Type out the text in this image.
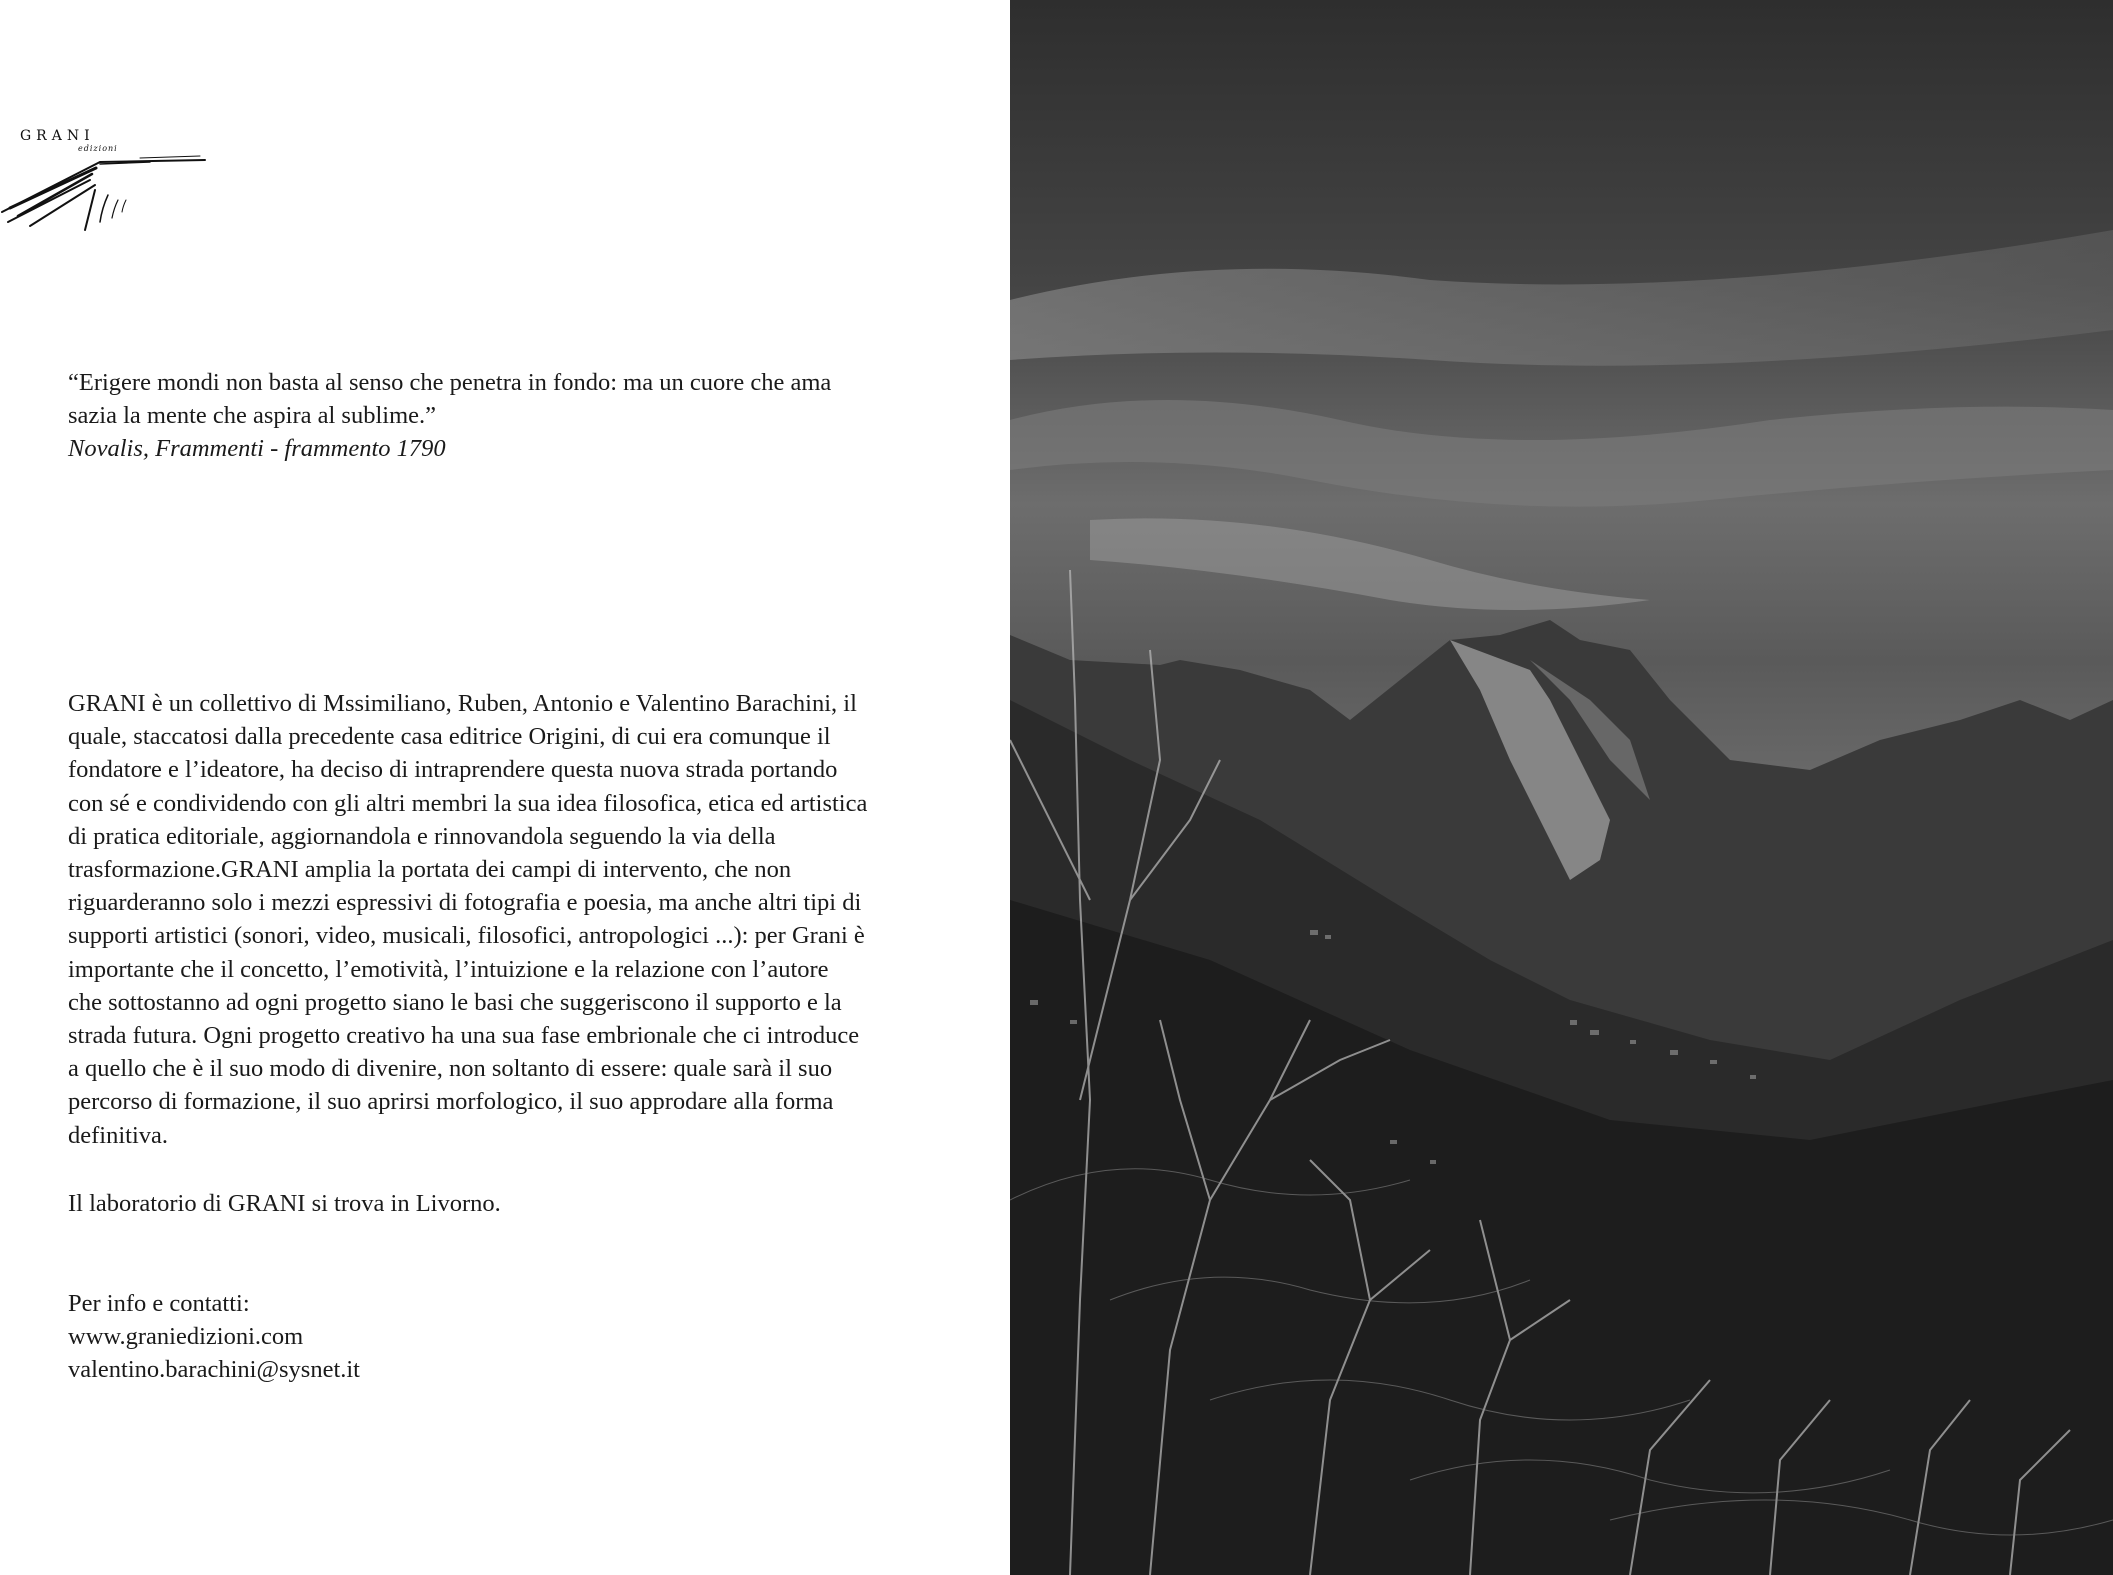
GRANI
edizioni
“Erigere mondi non basta al senso che penetra in fondo: ma un cuore che ama sazia la mente che aspira al sublime.”
Novalis, Frammenti - frammento 1790

GRANI è un collettivo di Mssimiliano, Ruben, Antonio e Valentino Barachini, il quale, staccatosi dalla precedente casa editrice Origini, di cui era comunque il fondatore e l’ideatore, ha deciso di intraprendere questa nuova strada portando con sé e condividendo con gli altri membri la sua idea filosofica, etica ed artistica di pratica editoriale, aggiornandola e rinnovandola seguendo la via della trasformazione.GRANI amplia la portata dei campi di intervento, che non riguarderanno solo i mezzi espressivi di fotografia e poesia, ma anche altri tipi di supporti artistici (sonori, video, musicali, filosofici, antropologici ...): per Grani è importante che il concetto, l’emotività, l’intuizione e la relazione con l’autore che sottostanno ad ogni progetto siano le basi che suggeriscono il supporto e la strada futura. Ogni progetto creativo ha una sua fase embrionale che ci introduce a quello che è il suo modo di divenire, non soltanto di essere: quale sarà il suo percorso di formazione, il suo aprirsi morfologico, il suo approdare alla forma definitiva.

Il laboratorio di GRANI si trova in Livorno.
Per info e contatti:
www.graniedizioni.com
valentino.barachini@sysnet.it
